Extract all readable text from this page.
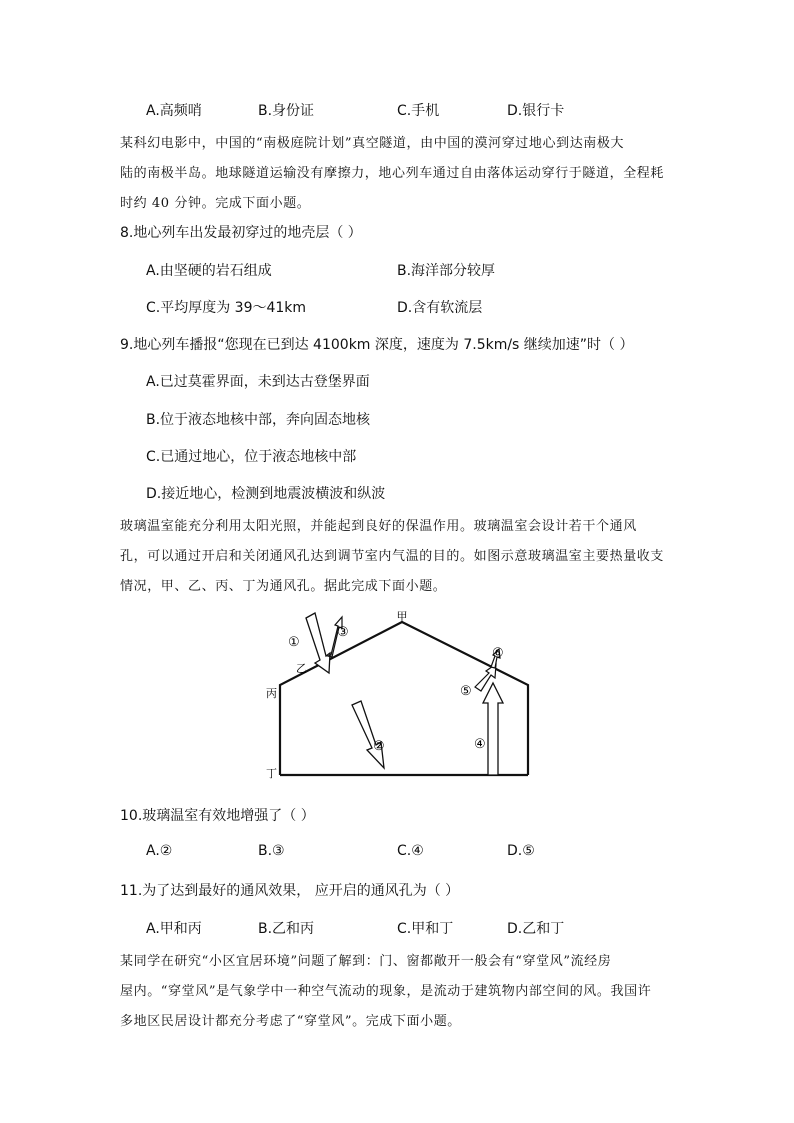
A.高频哨	B.身份证	C.手机	D.银行卡
某科幻电影中，中国的“南极庭院计划”真空隧道，由中国的漠河穿过地心到达南极大
陆的南极半岛。地球隧道运输没有摩擦力，地心列车通过自由落体运动穿行于隧道，全程耗
时约 40 分钟。完成下面小题。
8.地心列车出发最初穿过的地壳层（ ）
A.由坚硬的岩石组成	B.海洋部分较厚
C.平均厚度为 39～41km	D.含有软流层
9.地心列车播报“您现在已到达 4100km 深度，速度为 7.5km/s 继续加速”时（ ）
A.已过莫霍界面，未到达古登堡界面
B.位于液态地核中部，奔向固态地核
C.已通过地心，位于液态地核中部
D.接近地心，检测到地震波横波和纵波
玻璃温室能充分利用太阳光照，并能起到良好的保温作用。玻璃温室会设计若干个通风
孔，可以通过开启和关闭通风孔达到调节室内气温的目的。如图示意玻璃温室主要热量收支
情况，甲、乙、丙、丁为通风孔。据此完成下面小题。
甲
乙
丙
丁
①
②
③
④
⑤
⑥
10.玻璃温室有效地增强了（ ）
A.②	B.③	C.④	D.⑤
11.为了达到最好的通风效果， 应开启的通风孔为（ ）
A.甲和丙	B.乙和丙	C.甲和丁	D.乙和丁
某同学在研究“小区宜居环境”问题了解到：门、窗都敞开一般会有“穿堂风”流经房
屋内。“穿堂风”是气象学中一种空气流动的现象，是流动于建筑物内部空间的风。我国许
多地区民居设计都充分考虑了“穿堂风”。完成下面小题。
